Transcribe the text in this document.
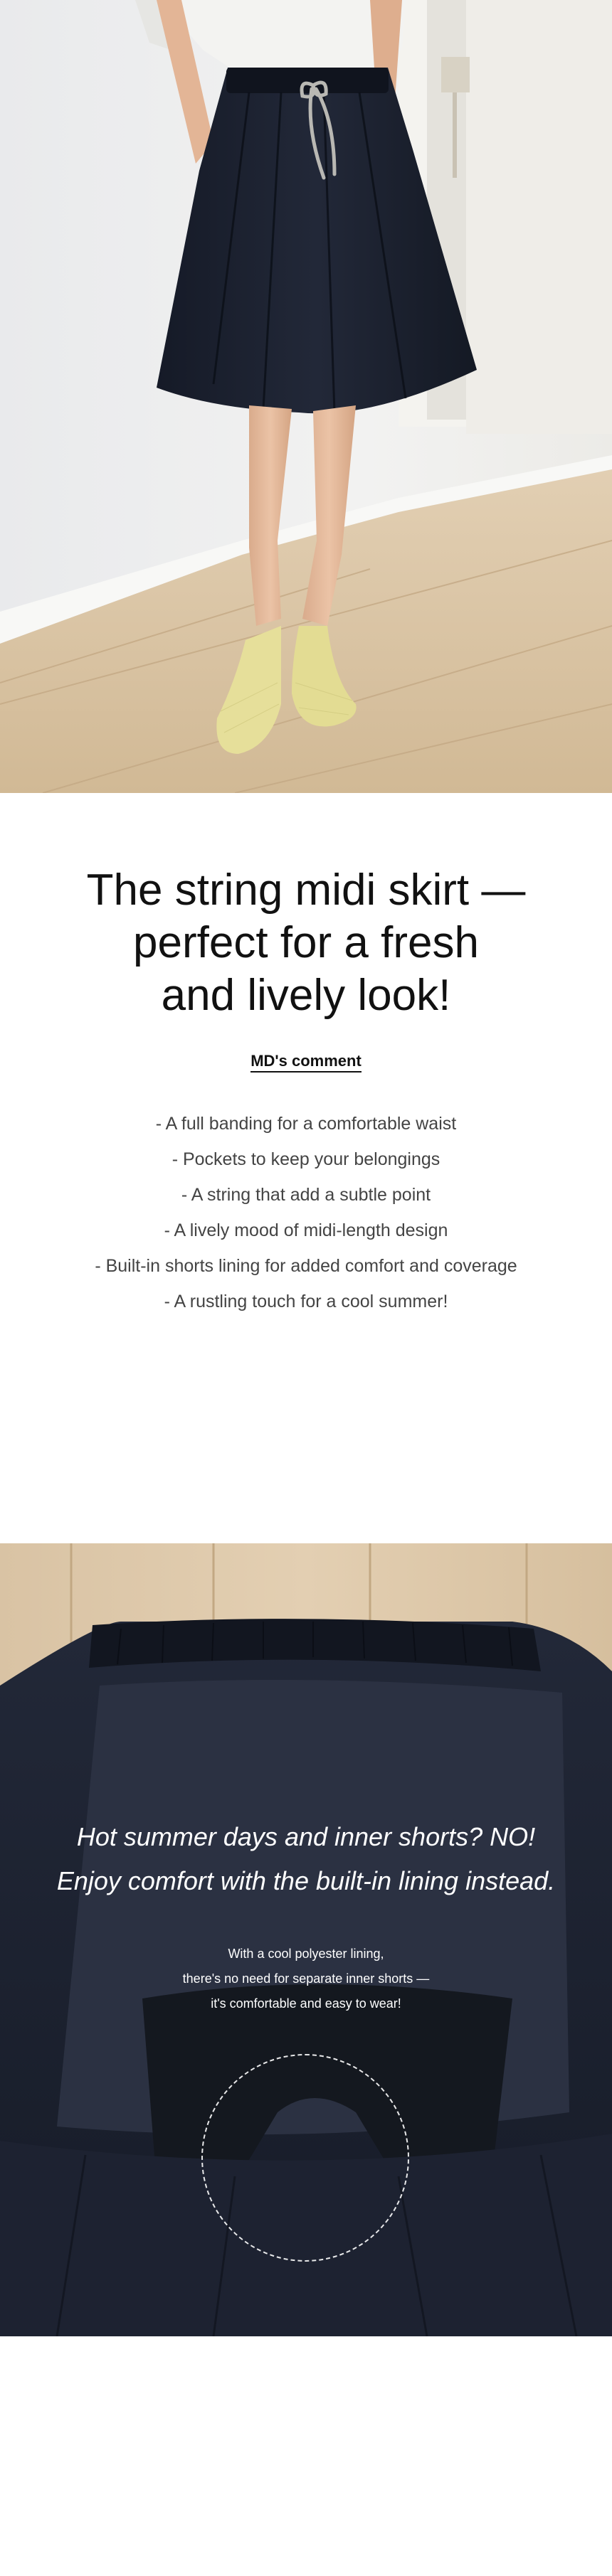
The string midi skirt —
perfect for a fresh
and lively look!
MD's comment
- A full banding for a comfortable waist
- Pockets to keep your belongings
- A string that add a subtle point
- A lively mood of midi-length design
- Built-in shorts lining for added comfort and coverage
- A rustling touch for a cool summer!
Hot summer days and inner shorts? NO!
Enjoy comfort with the built-in lining instead.
With a cool polyester lining,
there's no need for separate inner shorts —
it's comfortable and easy to wear!
